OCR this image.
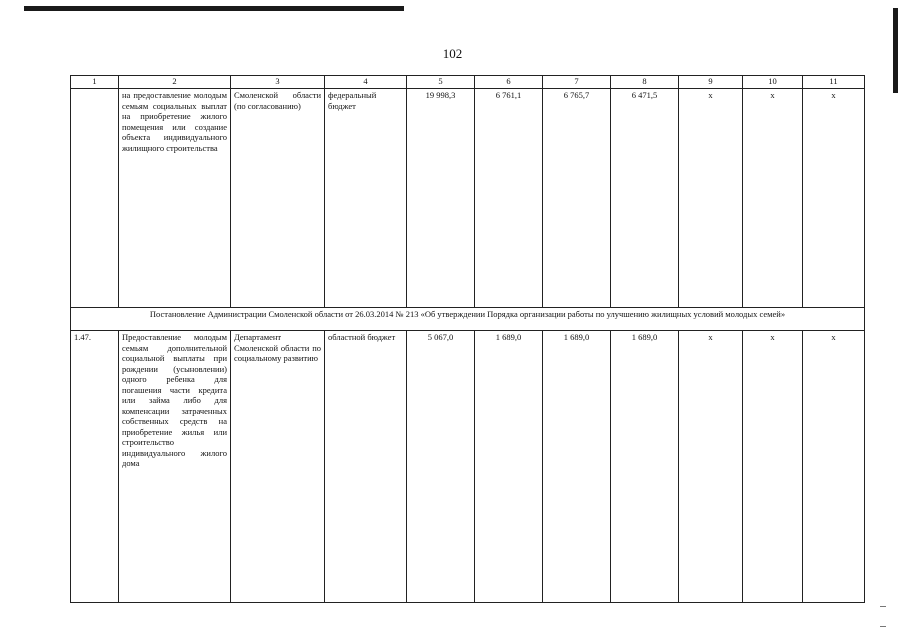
102
1	2	3	4	5	6	7	8	9	10	11
	на предоставление молодым семьям социальных выплат на приобретение жилого помещения или создание объекта индивидуального жилищного строительства	Смоленской области (по согласованию)	федеральный бюджет	19 998,3	6 761,1	6 765,7	6 471,5	х	х	х
Постановление Администрации Смоленской области от 26.03.2014 № 213 «Об утверждении Порядка организации работы по улучшению жилищных условий молодых семей»										
1.47.	Предоставление молодым семьям дополнительной социальной выплаты при рождении (усыновлении) одного ребенка для погашения части кредита или займа либо для компенсации затраченных собственных средств на приобретение жилья или строительство индивидуального жилого дома	Департамент Смоленской области по социальному развитию	областной бюджет	5 067,0	1 689,0	1 689,0	1 689,0	х	х	х
